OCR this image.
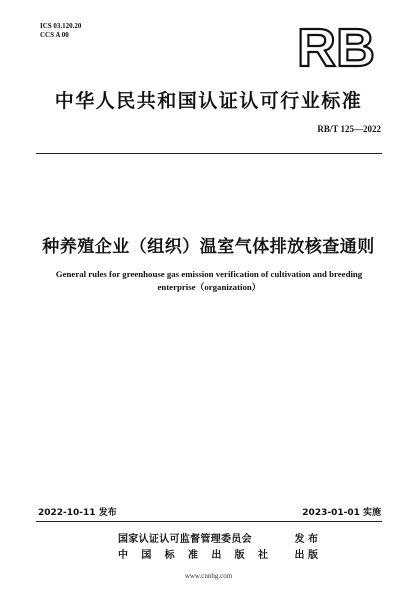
ICS 03.120.20
CCS A 00	RB
中华人民共和国认证认可行业标准
RB/T 125—2022
种养殖企业（组织）温室气体排放核查通则
General rules for greenhouse gas emission verification of cultivation and breeding
enterprise（organization）
2022-10-11 发布	2023-01-01 实施
国家认证认可监督管理委员会	发 布
中 国 标 准 出 版 社	出 版
www.cnnhg.com
